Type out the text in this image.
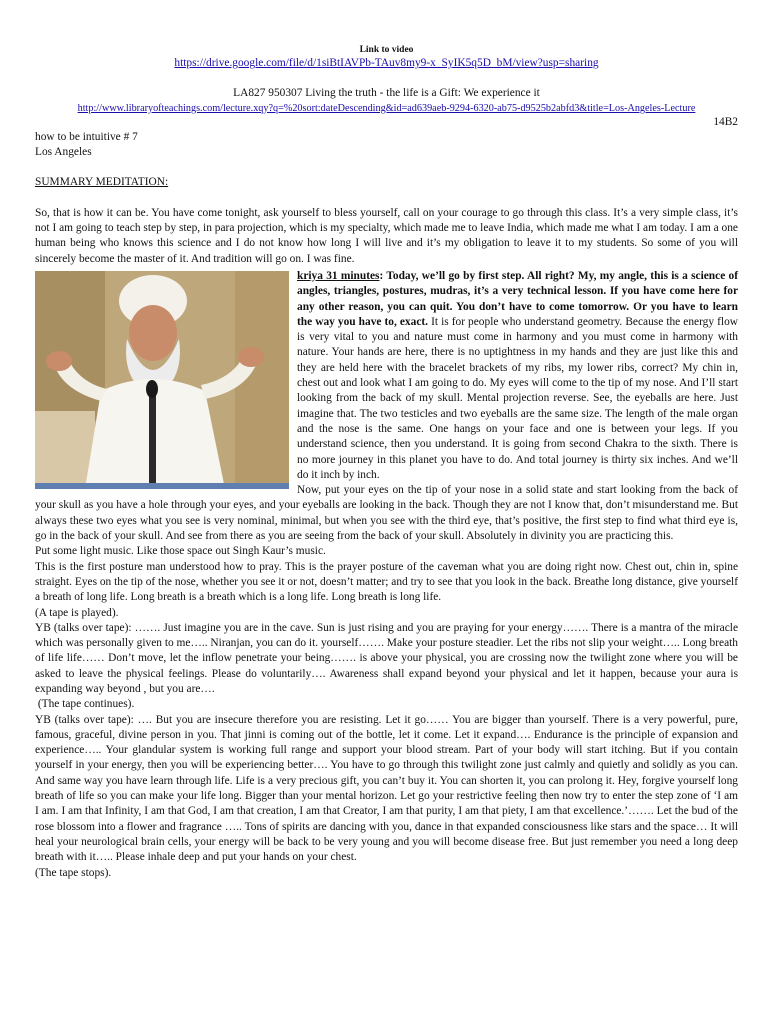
Link to video
https://drive.google.com/file/d/1siBtIAVPb-TAuv8my9-x_SyIK5q5D_bM/view?usp=sharing
LA827 950307 Living the truth - the life is a Gift: We experience it
http://www.libraryofteachings.com/lecture.xqy?q=%20sort:dateDescending&id=ad639aeb-9294-6320-ab75-d9525b2abfd3&title=Los-Angeles-Lecture
14B2
how to be intuitive # 7
Los Angeles
SUMMARY MEDITATION:

So, that is how it can be. You have come tonight, ask yourself to bless yourself, call on your courage to go through this class. It’s a very simple class, it’s not I am going to teach step by step, in para projection, which is my specialty, which made me to leave India, which made me what I am today. I am a one human being who knows this science and I do not know how long I will live and it’s my obligation to leave it to my students. So some of you will sincerely become the master of it. And tradition will go on. I was fine.

kriya 31 minutes: Today, we’ll go by first step. All right? My, my angle, this is a science of angles, triangles, postures, mudras, it’s a very technical lesson. If you have come here for any other reason, you can quit. You don’t have to come tomorrow. Or you have to learn the way you have to, exact. It is for people who understand geometry. Because the energy flow is very vital to you and nature must come in harmony and you must come in harmony with nature. Your hands are here, there is no uptightness in my hands and they are just like this and they are held here with the bracelet brackets of my ribs, my lower ribs, correct? My chin in, chest out and look what I am going to do. My eyes will come to the tip of my nose. And I’ll start looking from the back of my skull. Mental projection reverse. See, the eyeballs are here. Just imagine that. The two testicles and two eyeballs are the same size. The length of the male organ and the nose is the same. One hangs on your face and one is between your legs. If you understand science, then you understand. It is going from second Chakra to the sixth. There is no more journey in this planet you have to do. And total journey is thirty six inches. And we’ll do it inch by inch.

Now, put your eyes on the tip of your nose in a solid state and start looking from the back of your skull as you have a hole through your eyes, and your eyeballs are looking in the back. Though they are not I know that, don’t misunderstand me. But always these two eyes what you see is very nominal, minimal, but when you see with the third eye, that’s positive, the first step to find what third eye is, go in the back of your skull. And see from there as you are seeing from the back of your skull. Absolutely in divinity you are practicing this.

Put some light music. Like those space out Singh Kaur’s music.

This is the first posture man understood how to pray. This is the prayer posture of the caveman what you are doing right now. Chest out, chin in, spine straight. Eyes on the tip of the nose, whether you see it or not, doesn’t matter; and try to see that you look in the back. Breathe long distance, give yourself a breath of long life. Long breath is a breath which is a long life. Long breath is long life.

(A tape is played).

YB (talks over tape): ……. Just imagine you are in the cave. Sun is just rising and you are praying for your energy……. There is a mantra of the miracle which was personally given to me….. Niranjan, you can do it. yourself……. Make your posture steadier. Let the ribs not slip your weight….. Long breath of life life…… Don’t move, let the inflow penetrate your being……. is above your physical, you are crossing now the twilight zone where you will be asked to leave the physical feelings. Please do voluntarily…. Awareness shall expand beyond your physical and let it happen, because your aura is expanding way beyond , but you are….

(The tape continues).

YB (talks over tape): …. But you are insecure therefore you are resisting. Let it go…… You are bigger than yourself. There is a very powerful, pure, famous, graceful, divine person in you. That jinni is coming out of the bottle, let it come. Let it expand…. Endurance is the principle of expansion and experience….. Your glandular system is working full range and support your blood stream. Part of your body will start itching. But if you contain yourself in your energy, then you will be experiencing better…. You have to go through this twilight zone just calmly and quietly and solidly as you can. And same way you have learn through life. Life is a very precious gift, you can’t buy it. You can shorten it, you can prolong it. Hey, forgive yourself long breath of life so you can make your life long. Bigger than your mental horizon. Let go your restrictive feeling then now try to enter the step zone of ‘I am I am. I am that Infinity, I am that God, I am that creation, I am that Creator, I am that purity, I am that piety, I am that excellence.’……. Let the bud of the rose blossom into a flower and fragrance ….. Tons of spirits are dancing with you, dance in that expanded consciousness like stars and the space… It will heal your neurological brain cells, your energy will be back to be very young and you will become disease free. But just remember you need a long deep breath with it….. Please inhale deep and put your hands on your chest.

(The tape stops).
